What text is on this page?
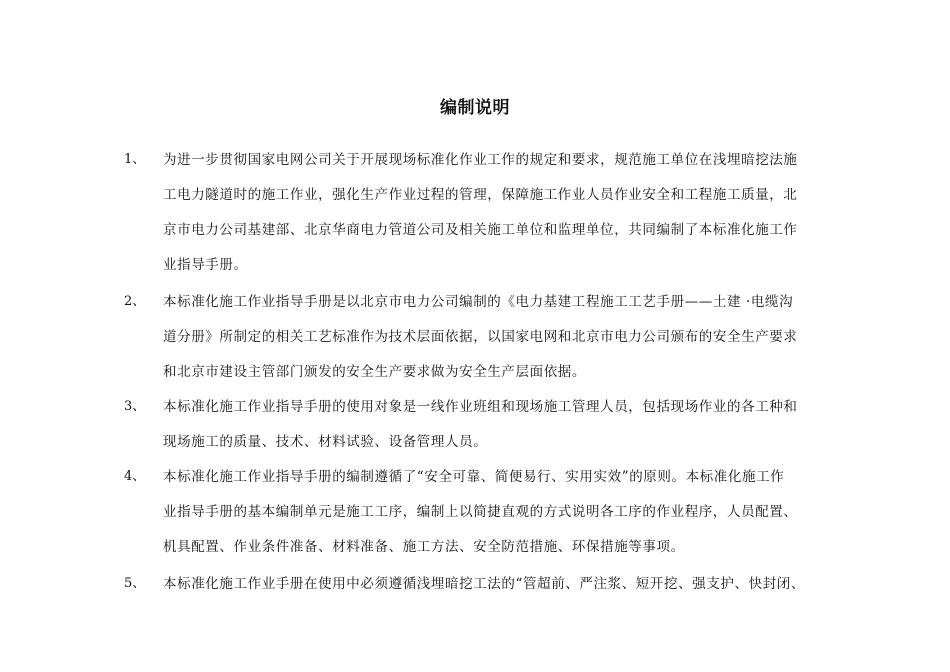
编制说明
1、 为进一步贯彻国家电网公司关于开展现场标准化作业工作的规定和要求，规范施工单位在浅埋暗挖法施
工电力隧道时的施工作业，强化生产作业过程的管理，保障施工作业人员作业安全和工程施工质量，北
京市电力公司基建部、北京华商电力管道公司及相关施工单位和监理单位，共同编制了本标准化施工作
业指导手册。
2、 本标准化施工作业指导手册是以北京市电力公司编制的《电力基建工程施工工艺手册——土建 ·电缆沟
道分册》所制定的相关工艺标准作为技术层面依据，以国家电网和北京市电力公司颁布的安全生产要求
和北京市建设主管部门颁发的安全生产要求做为安全生产层面依据。
3、 本标准化施工作业指导手册的使用对象是一线作业班组和现场施工管理人员，包括现场作业的各工种和
现场施工的质量、技术、材料试验、设备管理人员。
4、 本标准化施工作业指导手册的编制遵循了“安全可靠、简便易行、实用实效”的原则。本标准化施工作
业指导手册的基本编制单元是施工工序，编制上以简捷直观的方式说明各工序的作业程序，人员配置、
机具配置、作业条件准备、材料准备、施工方法、安全防范措施、环保措施等事项。
5、 本标准化施工作业手册在使用中必须遵循浅埋暗挖工法的“管超前、严注浆、短开挖、强支护、快封闭、
